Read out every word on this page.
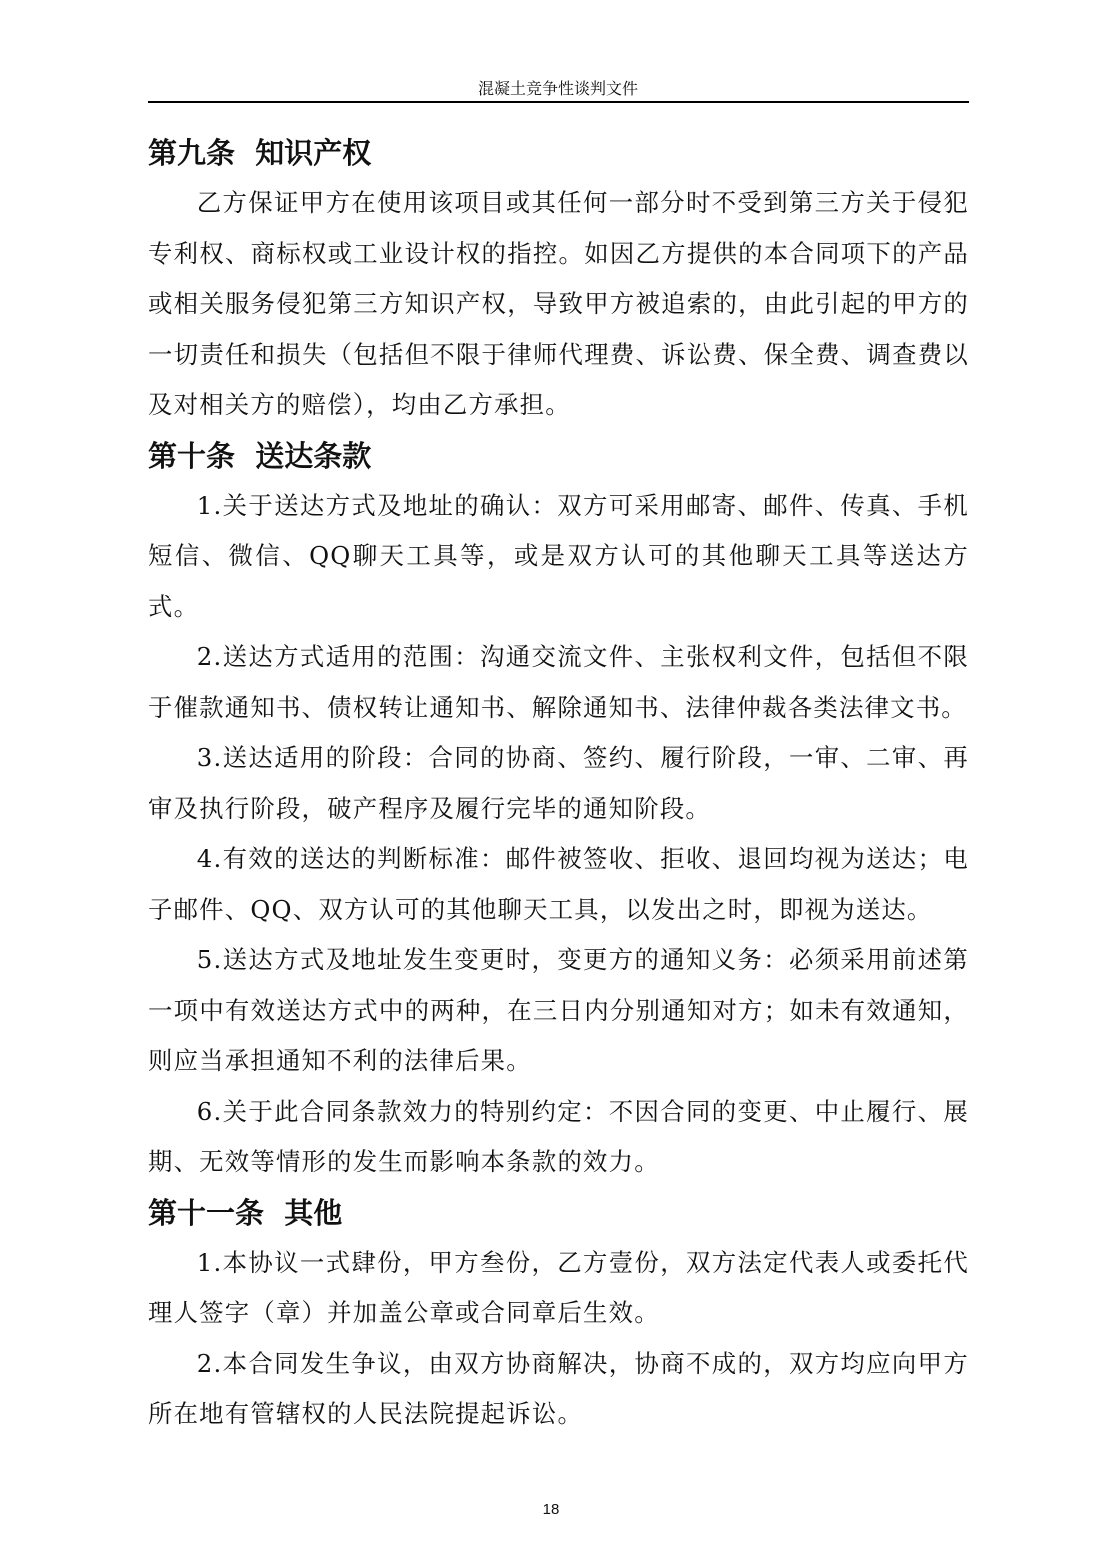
混凝土竞争性谈判文件
第九条  知识产权

乙方保证甲方在使用该项目或其任何一部分时不受到第三方关于侵犯专利权、商标权或工业设计权的指控。如因乙方提供的本合同项下的产品或相关服务侵犯第三方知识产权，导致甲方被追索的，由此引起的甲方的一切责任和损失（包括但不限于律师代理费、诉讼费、保全费、调查费以及对相关方的赔偿），均由乙方承担。

第十条  送达条款

1.关于送达方式及地址的确认：双方可采用邮寄、邮件、传真、手机短信、微信、QQ聊天工具等，或是双方认可的其他聊天工具等送达方式。

2.送达方式适用的范围：沟通交流文件、主张权利文件，包括但不限于催款通知书、债权转让通知书、解除通知书、法律仲裁各类法律文书。

3.送达适用的阶段：合同的协商、签约、履行阶段，一审、二审、再审及执行阶段，破产程序及履行完毕的通知阶段。

4.有效的送达的判断标准：邮件被签收、拒收、退回均视为送达；电子邮件、QQ、双方认可的其他聊天工具，以发出之时，即视为送达。

5.送达方式及地址发生变更时，变更方的通知义务：必须采用前述第一项中有效送达方式中的两种，在三日内分别通知对方；如未有效通知，则应当承担通知不利的法律后果。

6.关于此合同条款效力的特别约定：不因合同的变更、中止履行、展期、无效等情形的发生而影响本条款的效力。

第十一条  其他

1.本协议一式肆份，甲方叁份，乙方壹份，双方法定代表人或委托代理人签字（章）并加盖公章或合同章后生效。

2.本合同发生争议，由双方协商解决，协商不成的，双方均应向甲方所在地有管辖权的人民法院提起诉讼。

18
